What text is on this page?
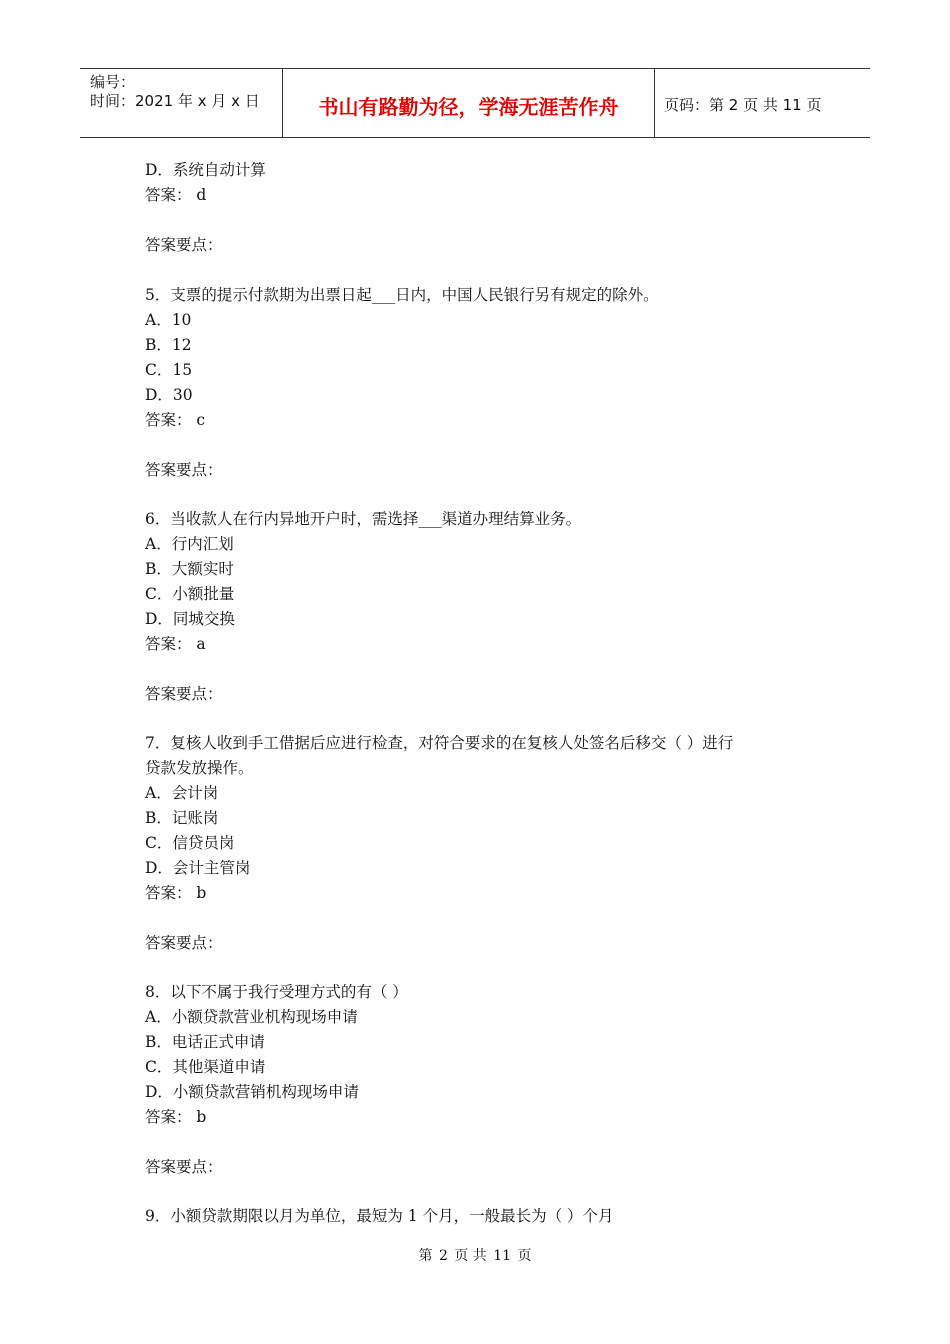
编号：
时间：2021 年 x 月 x 日	书山有路勤为径，学海无涯苦作舟	页码：第 2 页 共 11 页
D．系统自动计算
答案： d
答案要点：
5．支票的提示付款期为出票日起___日内，中国人民银行另有规定的除外。
A．10
B．12
C．15
D．30
答案： c
答案要点：
6．当收款人在行内异地开户时，需选择___渠道办理结算业务。
A．行内汇划
B．大额实时
C．小额批量
D．同城交换
答案： a
答案要点：
7．复核人收到手工借据后应进行检查，对符合要求的在复核人处签名后移交（ ）进行
贷款发放操作。
A．会计岗
B．记账岗
C．信贷员岗
D．会计主管岗
答案： b
答案要点：
8．以下不属于我行受理方式的有（ ）
A．小额贷款营业机构现场申请
B．电话正式申请
C．其他渠道申请
D．小额贷款营销机构现场申请
答案： b
答案要点：
9．小额贷款期限以月为单位，最短为 1 个月，一般最长为（ ）个月
第 2 页 共 11 页
